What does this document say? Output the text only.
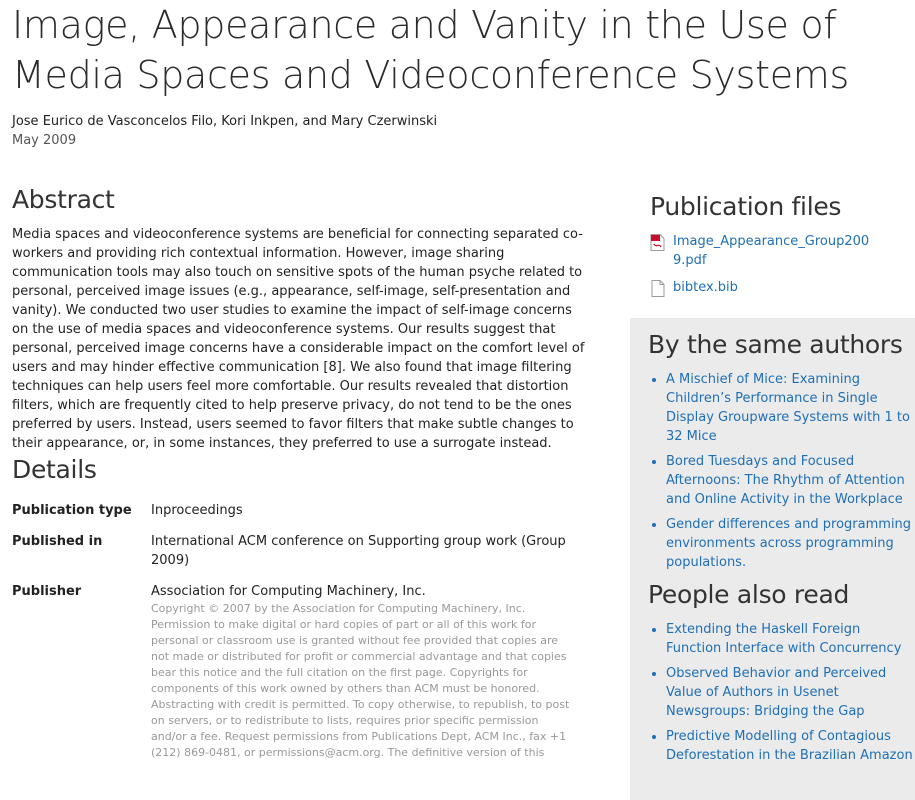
Image, Appearance and Vanity in the Use of Media Spaces and Videoconference Systems
Jose Eurico de Vasconcelos Filo, Kori Inkpen, and Mary Czerwinski
May 2009
Abstract

Media spaces and videoconference systems are beneficial for connecting separated co-workers and providing rich contextual information. However, image sharing communication tools may also touch on sensitive spots of the human psyche related to personal, perceived image issues (e.g., appearance, self-image, self-presentation and vanity). We conducted two user studies to examine the impact of self-image concerns on the use of media spaces and videoconference systems. Our results suggest that personal, perceived image concerns have a considerable impact on the comfort level of users and may hinder effective communication [8]. We also found that image filtering techniques can help users feel more comfortable. Our results revealed that distortion filters, which are frequently cited to help preserve privacy, do not tend to be the ones preferred by users. Instead, users seemed to favor filters that make subtle changes to their appearance, or, in some instances, they preferred to use a surrogate instead.

Details
Publication type	Inproceedings
Published in	International ACM conference on Supporting group work (Group 2009)
Publisher	Association for Computing Machinery, Inc.
Copyright © 2007 by the Association for Computing Machinery, Inc. Permission to make digital or hard copies of part or all of this work for personal or classroom use is granted without fee provided that copies are not made or distributed for profit or commercial advantage and that copies bear this notice and the full citation on the first page. Copyrights for components of this work owned by others than ACM must be honored. Abstracting with credit is permitted. To copy otherwise, to republish, to post on servers, or to redistribute to lists, requires prior specific permission and/or a fee. Request permissions from Publications Dept, ACM Inc., fax +1 (212) 869-0481, or permissions@acm.org. The definitive version of this
Publication files
Image_Appearance_Group2009.pdf
bibtex.bib
By the same authors
• A Mischief of Mice: Examining Children’s Performance in Single Display Groupware Systems with 1 to 32 Mice
• Bored Tuesdays and Focused Afternoons: The Rhythm of Attention and Online Activity in the Workplace
• Gender differences and programming environments across programming populations.
People also read
• Extending the Haskell Foreign Function Interface with Concurrency
• Observed Behavior and Perceived Value of Authors in Usenet Newsgroups: Bridging the Gap
• Predictive Modelling of Contagious Deforestation in the Brazilian Amazon
